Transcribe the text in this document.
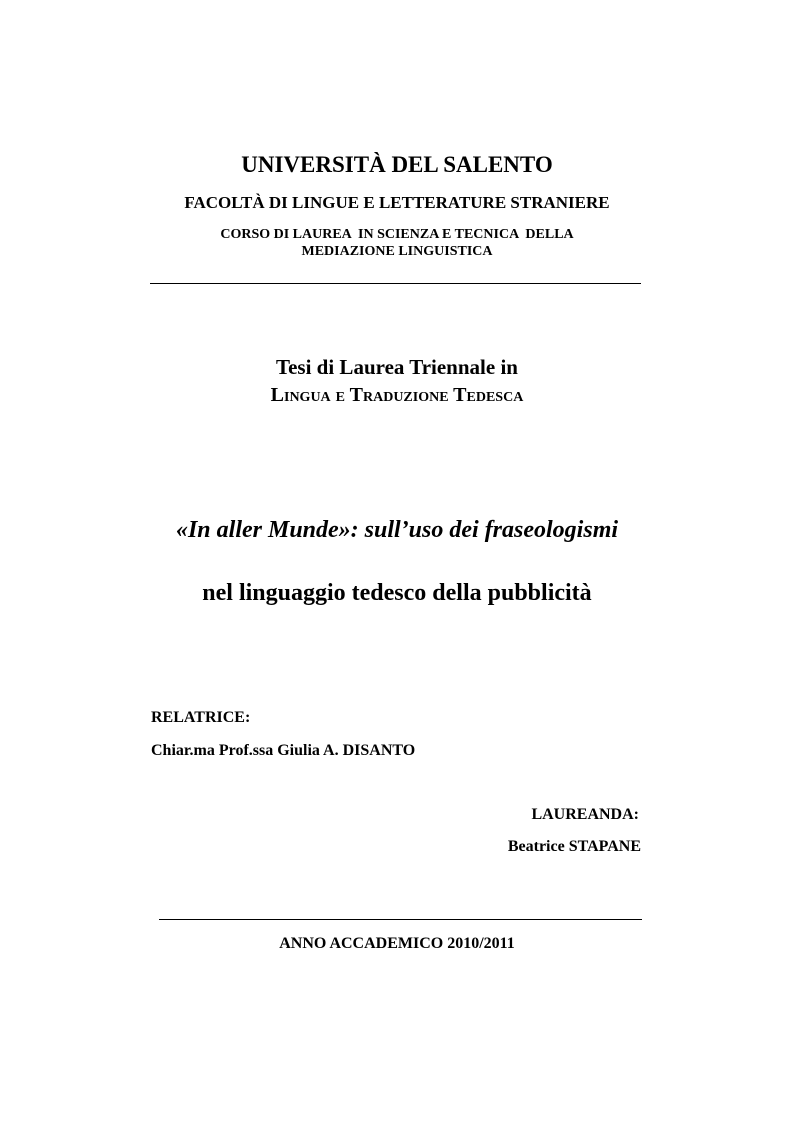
UNIVERSITÀ DEL SALENTO
FACOLTÀ DI LINGUE E LETTERATURE STRANIERE
CORSO DI LAUREA  IN SCIENZA E TECNICA  DELLA
MEDIAZIONE LINGUISTICA
Tesi di Laurea Triennale in
Lingua e Traduzione Tedesca
«In aller Munde»: sull’uso dei fraseologismi
nel linguaggio tedesco della pubblicità
RELATRICE:
Chiar.ma Prof.ssa Giulia A. DISANTO
LAUREANDA:
Beatrice STAPANE
ANNO ACCADEMICO 2010/2011
